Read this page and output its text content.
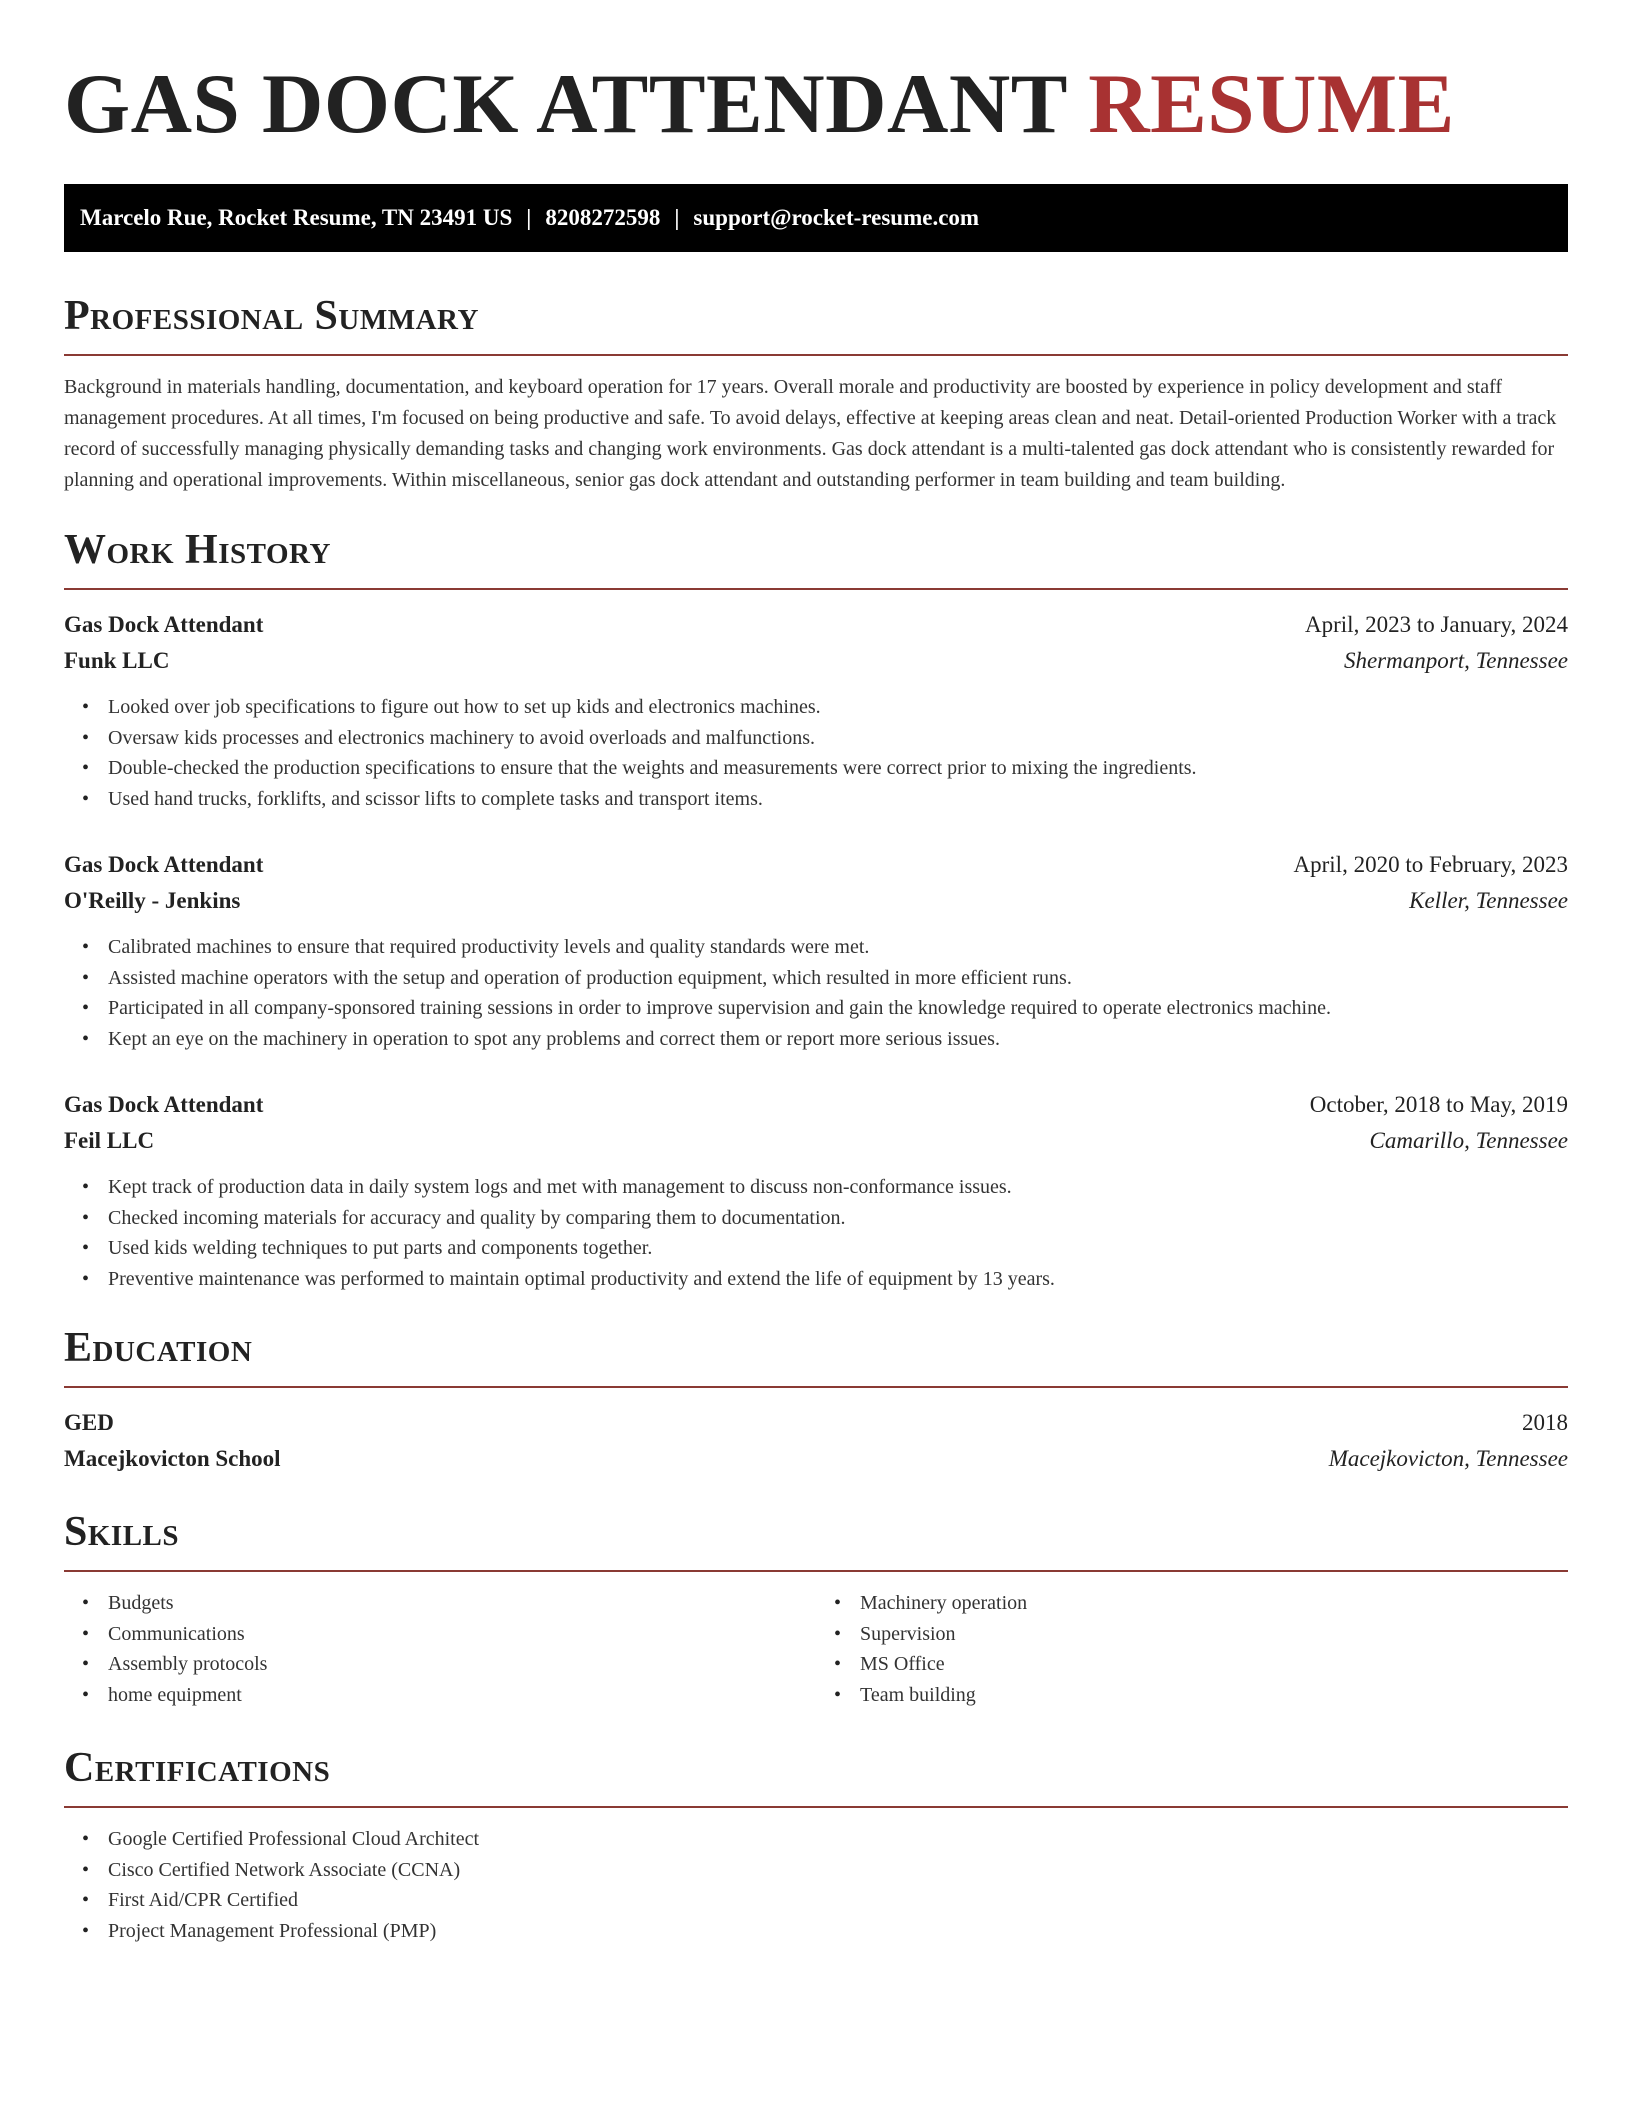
GAS DOCK ATTENDANT RESUME
Marcelo Rue, Rocket Resume, TN 23491 US | 8208272598 | support@rocket-resume.com
Professional Summary

Background in materials handling, documentation, and keyboard operation for 17 years. Overall morale and productivity are boosted by experience in policy development and staff management procedures. At all times, I'm focused on being productive and safe. To avoid delays, effective at keeping areas clean and neat. Detail-oriented Production Worker with a track record of successfully managing physically demanding tasks and changing work environments. Gas dock attendant is a multi-talented gas dock attendant who is consistently rewarded for planning and operational improvements. Within miscellaneous, senior gas dock attendant and outstanding performer in team building and team building.

Work History
Gas Dock Attendant	April, 2023 to January, 2024
Funk LLC	Shermanport, Tennessee
• Looked over job specifications to figure out how to set up kids and electronics machines.
• Oversaw kids processes and electronics machinery to avoid overloads and malfunctions.
• Double-checked the production specifications to ensure that the weights and measurements were correct prior to mixing the ingredients.
• Used hand trucks, forklifts, and scissor lifts to complete tasks and transport items.
Gas Dock Attendant	April, 2020 to February, 2023
O'Reilly - Jenkins	Keller, Tennessee
• Calibrated machines to ensure that required productivity levels and quality standards were met.
• Assisted machine operators with the setup and operation of production equipment, which resulted in more efficient runs.
• Participated in all company-sponsored training sessions in order to improve supervision and gain the knowledge required to operate electronics machine.
• Kept an eye on the machinery in operation to spot any problems and correct them or report more serious issues.
Gas Dock Attendant	October, 2018 to May, 2019
Feil LLC	Camarillo, Tennessee
• Kept track of production data in daily system logs and met with management to discuss non-conformance issues.
• Checked incoming materials for accuracy and quality by comparing them to documentation.
• Used kids welding techniques to put parts and components together.
• Preventive maintenance was performed to maintain optimal productivity and extend the life of equipment by 13 years.
Education
GED	2018
Macejkovicton School	Macejkovicton, Tennessee
Skills
• Budgets
• Communications
• Assembly protocols
• home equipment
• Machinery operation
• Supervision
• MS Office
• Team building
Certifications
• Google Certified Professional Cloud Architect
• Cisco Certified Network Associate (CCNA)
• First Aid/CPR Certified
• Project Management Professional (PMP)
